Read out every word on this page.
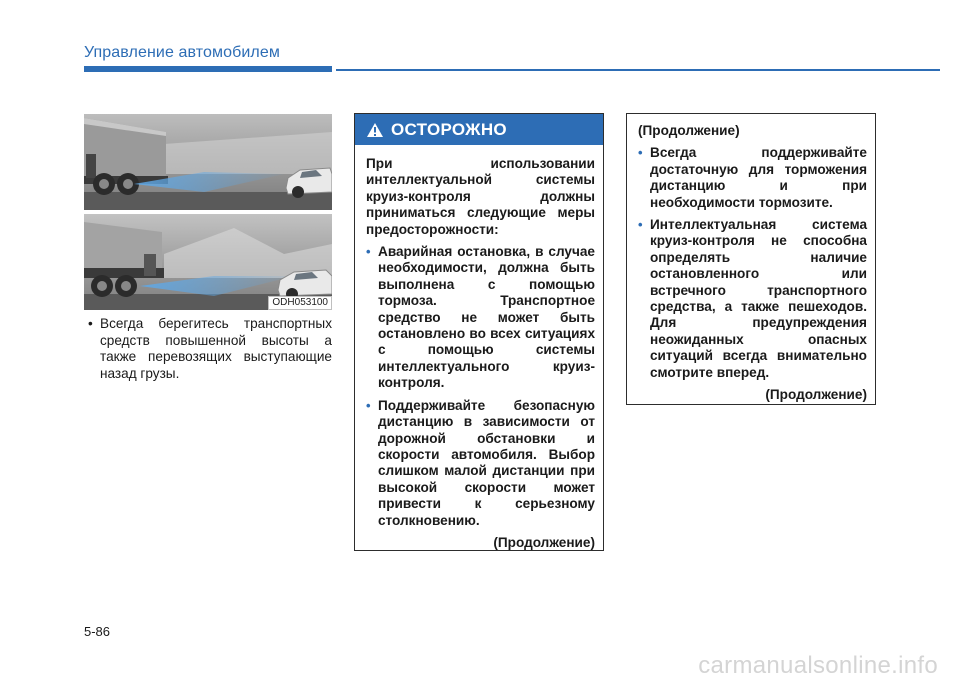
Управление автомобилем
ODH053100
• Всегда берегитесь транспортных средств повышенной высоты а также перевозящих выступающие назад грузы.
ОСТОРОЖНО
При использовании интеллектуальной системы круиз-контроля должны приниматься следующие меры предосторожности:
• Аварийная остановка, в случае необходимости, должна быть выполнена с помощью тормоза. Транспортное средство не может быть остановлено во всех ситуациях с помощью системы интеллектуального круиз-контроля.
• Поддерживайте безопасную дистанцию в зависимости от дорожной обстановки и скорости автомобиля. Выбор слишком малой дистанции при высокой скорости может привести к серьезному столкновению.
(Продолжение)
(Продолжение)
• Всегда поддерживайте достаточную для торможения дистанцию и при необходимости тормозите.
• Интеллектуальная система круиз-контроля не способна определять наличие остановленного или встречного транспортного средства, а также пешеходов. Для предупреждения неожиданных опасных ситуаций всегда внимательно смотрите вперед.
(Продолжение)
5-86
carmanualsonline.info
